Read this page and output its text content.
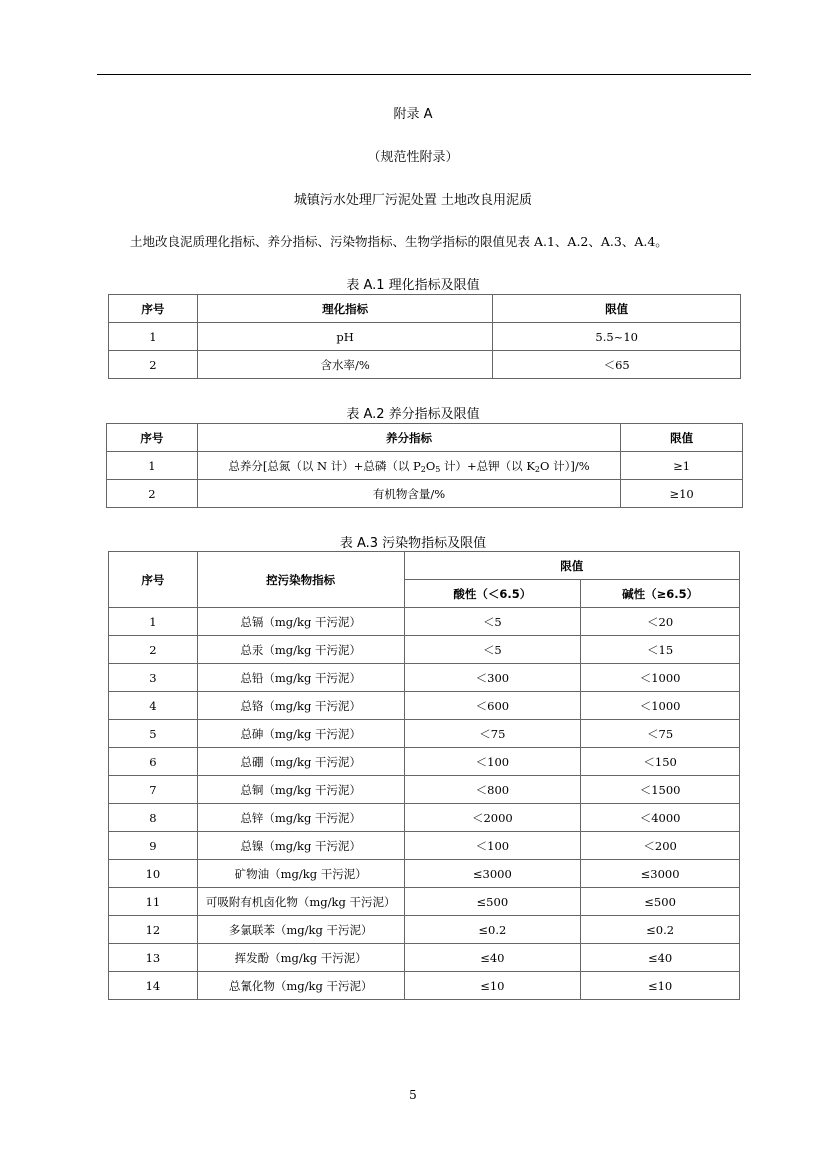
附录 A
（规范性附录）
城镇污水处理厂污泥处置 土地改良用泥质
土地改良泥质理化指标、养分指标、污染物指标、生物学指标的限值见表 A.1、A.2、A.3、A.4。
表 A.1 理化指标及限值
序号	理化指标	限值
1	pH	5.5~10
2	含水率/%	＜65
表 A.2 养分指标及限值
序号	养分指标	限值
1	总养分[总氮（以 N 计）+总磷（以 $P_2O_5$ 计）+总钾（以 $K_2O$ 计）]/%	≥1
2	有机物含量/%	≥10
表 A.3 污染物指标及限值
序号	控污染物指标	限值	
		酸性（＜6.5）	碱性（≥6.5）
1	总镉（mg/kg 干污泥）	＜5	＜20
2	总汞（mg/kg 干污泥）	＜5	＜15
3	总铅（mg/kg 干污泥）	＜300	＜1000
4	总铬（mg/kg 干污泥）	＜600	＜1000
5	总砷（mg/kg 干污泥）	＜75	＜75
6	总硼（mg/kg 干污泥）	＜100	＜150
7	总铜（mg/kg 干污泥）	＜800	＜1500
8	总锌（mg/kg 干污泥）	＜2000	＜4000
9	总镍（mg/kg 干污泥）	＜100	＜200
10	矿物油（mg/kg 干污泥）	≤3000	≤3000
11	可吸附有机卤化物（mg/kg 干污泥）	≤500	≤500
12	多氯联苯（mg/kg 干污泥）	≤0.2	≤0.2
13	挥发酚（mg/kg 干污泥）	≤40	≤40
14	总氰化物（mg/kg 干污泥）	≤10	≤10
5
